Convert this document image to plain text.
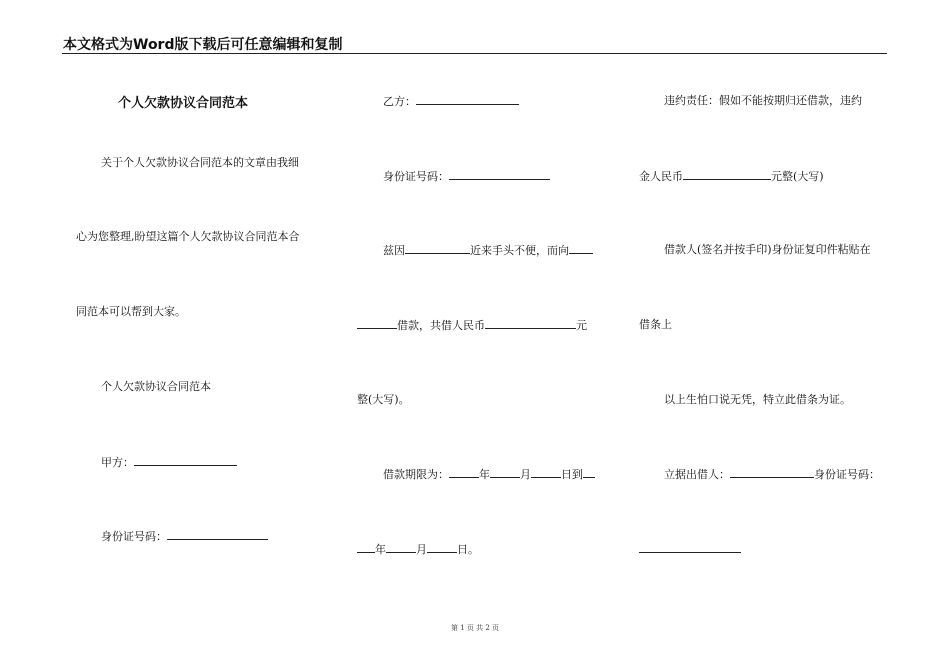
本文格式为Word版下载后可任意编辑和复制
个人欠款协议合同范本
关于个人欠款协议合同范本的文章由我细
心为您整理,盼望这篇个人欠款协议合同范本合
同范本可以帮到大家。
个人欠款协议合同范本
甲方：
身份证号码：
乙方：
身份证号码：
兹因	近来手头不便，而向
借款，共借人民币	元
整(大写)。
借款期限为：	年	月	日到
年	月	日。
违约责任：假如不能按期归还借款，违约
金人民币	元整(大写)
借款人(签名并按手印)身份证复印件粘贴在
借条上
以上生怕口说无凭，特立此借条为证。
立据出借人：	身份证号码：
第 1 页 共 2 页
